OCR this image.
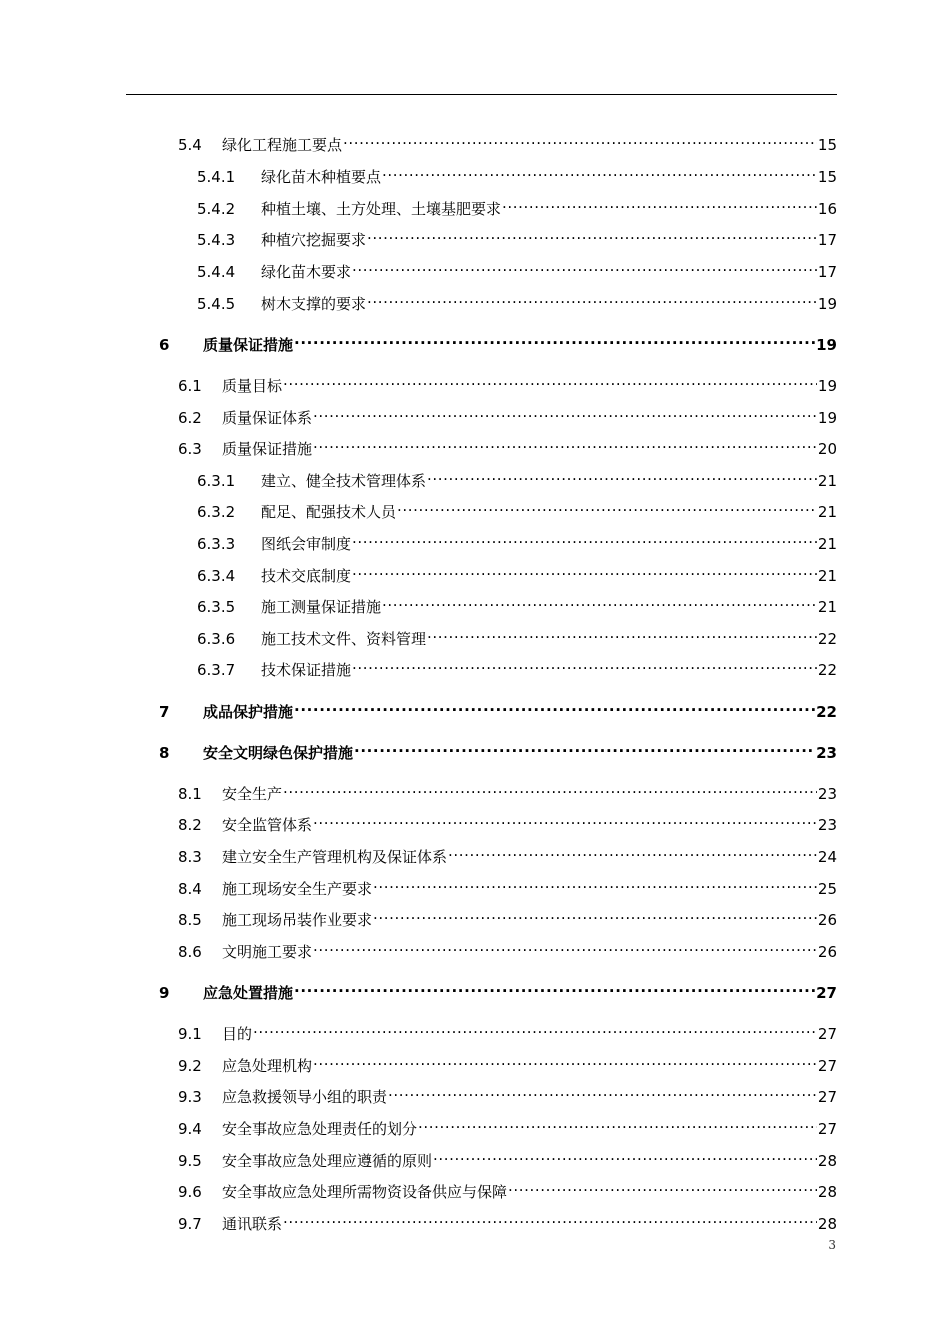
5.4	绿化工程施工要点 .....	15
5.4.1	绿化苗木种植要点 .....	15
5.4.2	种植土壤、土方处理、土壤基肥要求 .....	16
5.4.3	种植穴挖掘要求 .....	17
5.4.4	绿化苗木要求 .....	17
5.4.5	树木支撑的要求 .....	19
6	质量保证措施 .....	19
6.1	质量目标 .....	19
6.2	质量保证体系 .....	19
6.3	质量保证措施 .....	20
6.3.1	建立、健全技术管理体系 .....	21
6.3.2	配足、配强技术人员 .....	21
6.3.3	图纸会审制度 .....	21
6.3.4	技术交底制度 .....	21
6.3.5	施工测量保证措施 .....	21
6.3.6	施工技术文件、资料管理 .....	22
6.3.7	技术保证措施 .....	22
7	成品保护措施 .....	22
8	安全文明绿色保护措施 .....	23
8.1	安全生产 .....	23
8.2	安全监管体系 .....	23
8.3	建立安全生产管理机构及保证体系 .....	24
8.4	施工现场安全生产要求 .....	25
8.5	施工现场吊装作业要求 .....	26
8.6	文明施工要求 .....	26
9	应急处置措施 .....	27
9.1	目的 .....	27
9.2	应急处理机构 .....	27
9.3	应急救援领导小组的职责 .....	27
9.4	安全事故应急处理责任的划分 .....	27
9.5	安全事故应急处理应遵循的原则 .....	28
9.6	安全事故应急处理所需物资设备供应与保障 .....	28
9.7	通讯联系 .....	28
3
